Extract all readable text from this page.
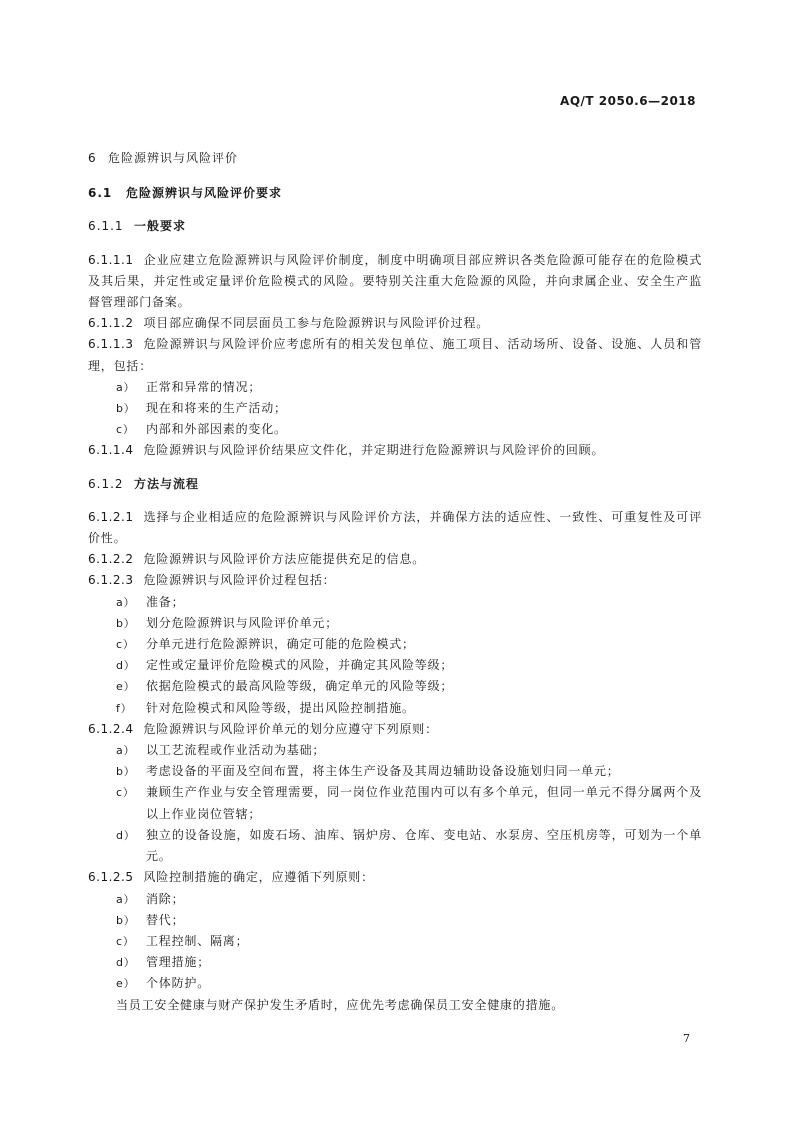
AQ/T 2050.6—2018
6 危险源辨识与风险评价
6.1 危险源辨识与风险评价要求
6.1.1 一般要求

6.1.1.1 企业应建立危险源辨识与风险评价制度，制度中明确项目部应辨识各类危险源可能存在的危险模式及其后果，并定性或定量评价危险模式的风险。要特别关注重大危险源的风险，并向隶属企业、安全生产监督管理部门备案。

6.1.1.2 项目部应确保不同层面员工参与危险源辨识与风险评价过程。

6.1.1.3 危险源辨识与风险评价应考虑所有的相关发包单位、施工项目、活动场所、设备、设施、人员和管理，包括：

a） 正常和异常的情况；
b） 现在和将来的生产活动；
c） 内部和外部因素的变化。

6.1.1.4 危险源辨识与风险评价结果应文件化，并定期进行危险源辨识与风险评价的回顾。

6.1.2 方法与流程

6.1.2.1 选择与企业相适应的危险源辨识与风险评价方法，并确保方法的适应性、一致性、可重复性及可评价性。

6.1.2.2 危险源辨识与风险评价方法应能提供充足的信息。

6.1.2.3 危险源辨识与风险评价过程包括：

a） 准备；
b） 划分危险源辨识与风险评价单元；
c） 分单元进行危险源辨识，确定可能的危险模式；
d） 定性或定量评价危险模式的风险，并确定其风险等级；
e） 依据危险模式的最高风险等级，确定单元的风险等级；
f）	针对危险模式和风险等级，提出风险控制措施。

6.1.2.4 危险源辨识与风险评价单元的划分应遵守下列原则：

a） 以工艺流程或作业活动为基础；
b） 考虑设备的平面及空间布置，将主体生产设备及其周边辅助设备设施划归同一单元；
c） 兼顾生产作业与安全管理需要，同一岗位作业范围内可以有多个单元，但同一单元不得分属两个及以上作业岗位管辖；
d） 独立的设备设施，如废石场、油库、锅炉房、仓库、变电站、水泵房、空压机房等，可划为一个单元。

6.1.2.5 风险控制措施的确定，应遵循下列原则：

a） 消除；
b） 替代；
c） 工程控制、隔离；
d） 管理措施；
e） 个体防护。

当员工安全健康与财产保护发生矛盾时，应优先考虑确保员工安全健康的措施。

7
